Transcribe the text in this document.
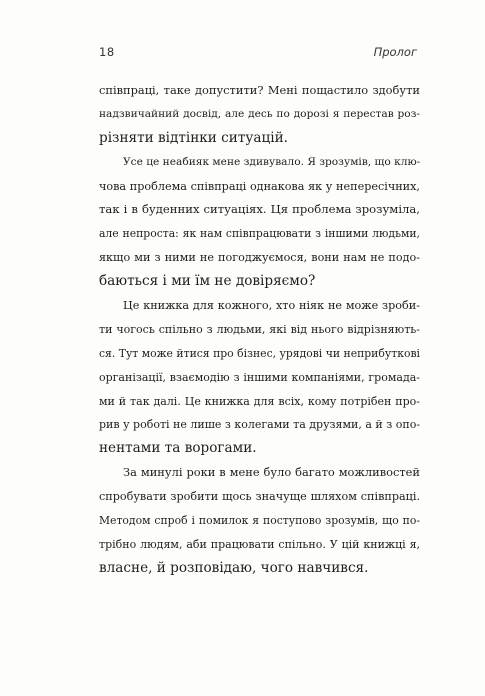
18	Пролог
співпраці, таке допустити? Мені пощастило здобути
надзвичайний досвід, але десь по дорозі я перестав роз-
різняти відтінки ситуацій.
Усе це неабияк мене здивувало. Я зрозумів, що клю-
чова проблема співпраці однакова як у непересічних,
так і в буденних ситуаціях. Ця проблема зрозуміла,
але непроста: як нам співпрацювати з іншими людьми,
якщо ми з ними не погоджуємося, вони нам не подо-
баються і ми їм не довіряємо?
Це книжка для кожного, хто ніяк не може зроби-
ти чогось спільно з людьми, які від нього відрізняють-
ся. Тут може йтися про бізнес, урядові чи неприбуткові
організації, взаємодію з іншими компаніями, громада-
ми й так далі. Це книжка для всіх, кому потрібен про-
рив у роботі не лише з колегами та друзями, а й з опо-
нентами та ворогами.
За минулі роки в мене було багато можливостей
спробувати зробити щось значуще шляхом співпраці.
Методом спроб і помилок я поступово зрозумів, що по-
трібно людям, аби працювати спільно. У цій книжці я,
власне, й розповідаю, чого навчився.
